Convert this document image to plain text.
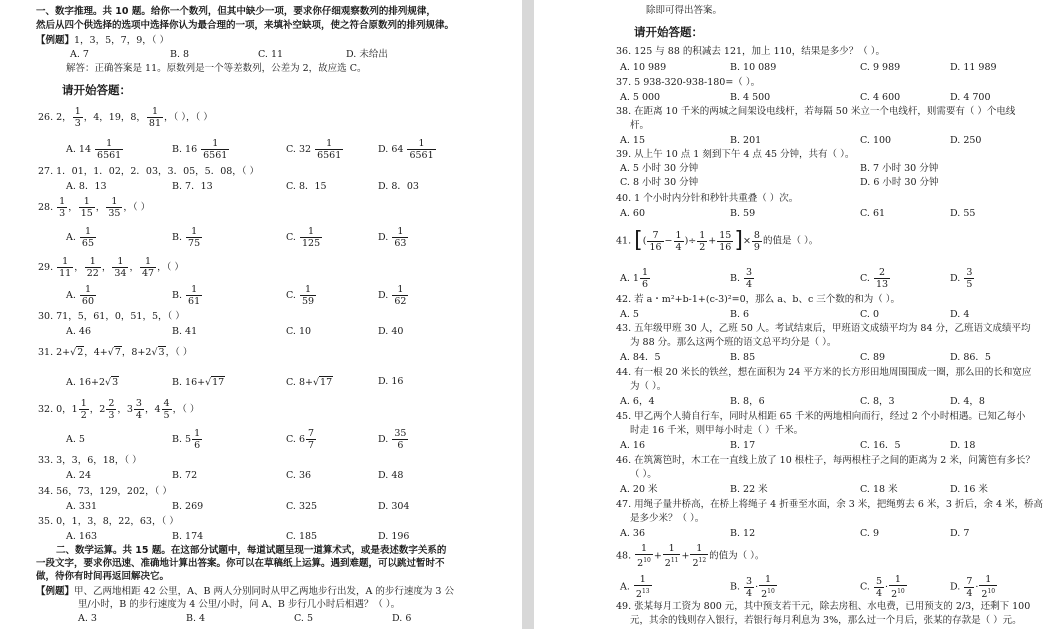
一、数字推理。共 10 题。给你一个数列，但其中缺少一项，要求你仔细观察数列的排列规律，
然后从四个供选择的选项中选择你认为最合理的一项，来填补空缺项，使之符合原数列的排列规律。
【例题】1，3，5，7，9，（ ）
A. 7	B. 8	C. 11	D. 未给出
解答：正确答案是 11。原数列是一个等差数列，公差为 2，故应选 C。
请开始答题：
26. 2， $\frac{1}{3}$ ，4，19，8， $\frac{1}{81}$ ，（ ），（ ）
A. $14 \frac{1}{6561}$	B. $16 \frac{1}{6561}$	C. $32 \frac{1}{6561}$	D. $64 \frac{1}{6561}$
27. 1．01，1．02，2．03，3．05，5．08，（ ）
A. 8．13	B. 7．13	C. 8．15	D. 8．03
28. $\frac{1}{3}$ ， $\frac{1}{15}$ ， $\frac{1}{35}$ ，（ ）
A. $\frac{1}{65}$	B. $\frac{1}{75}$	C. $\frac{1}{125}$	D. $\frac{1}{63}$
29. $\frac{1}{11}$ ， $\frac{1}{22}$ ， $\frac{1}{34}$ ， $\frac{1}{47}$ ，（ ）
A. $\frac{1}{60}$	B. $\frac{1}{61}$	C. $\frac{1}{59}$	D. $\frac{1}{62}$
30. 71，5，61，0，51，5，（ ）
A. 46	B. 41	C. 10	D. 40
31. 2+√2，4+√7，8+2√3，（ ）
A. 16+2√3	B. 16+√17	C. 8+√17	D. 16
32. 0，$1 \frac{1}{2}$ ，$2 \frac{2}{3}$ ，$3 \frac{3}{4}$ ，$4 \frac{4}{5}$ ，（ ）
A. 5	B. $5 \frac{1}{6}$	C. $6 \frac{7}{7}$	D. $\frac{35}{6}$
33. 3，3，6，18，（ ）
A. 24	B. 72	C. 36	D. 48
34. 56，73，129，202，（ ）
A. 331	B. 269	C. 325	D. 304
35. 0，1，3，8，22，63，（ ）
A. 163	B. 174	C. 185	D. 196
二、数学运算。共 15 题。在这部分试题中，每道试题呈现一道算术式，或是表述数字关系的
一段文字，要求你迅速、准确地计算出答案。你可以在草稿纸上运算。遇到难题，可以跳过暂时不
做，待你有时间再返回解决它。
【例题】甲、乙两地相距 42 公里，A、B 两人分别同时从甲乙两地步行出发，A 的步行速度为 3 公
里/小时，B 的步行速度为 4 公里/小时，问 A、B 步行几小时后相遇？（ ）。
A. 3	B. 4	C. 5	D. 6
除即可得出答案。
请开始答题：
36. 125 与 88 的积减去 121，加上 110，结果是多少？（ ）。
A. 10 989	B. 10 089	C. 9 989	D. 11 989
37. 5 938-320-938-180=（ ）。
A. 5 000	B. 4 500	C. 4 600	D. 4 700
38. 在距离 10 千米的两城之间架设电线杆，若每隔 50 米立一个电线杆，则需要有（ ）个电线
杆。
A. 15	B. 201	C. 100	D. 250
39. 从上午 10 点 1 刻到下午 4 点 45 分钟，共有（ ）。
A. 5 小时 30 分钟	B. 7 小时 30 分钟
C. 8 小时 30 分钟	D. 6 小时 30 分钟
40. 1 个小时内分针和秒针共重叠（ ）次。
A. 60	B. 59	C. 61	D. 55
41. [( $\frac{7}{16} - \frac{1}{4}$ )÷ $\frac{1}{2} + \frac{15}{16}$ ]× $\frac{8}{9}$ 的值是（ ）。
A. $1 \frac{1}{6}$	B. $\frac{3}{4}$	C. $\frac{2}{13}$	D. $\frac{3}{5}$
42. 若 a・m²+b-1+(c-3)²=0，那么 a、b、c 三个数的和为（ ）。
A. 5	B. 6	C. 0	D. 4
43. 五年级甲班 30 人，乙班 50 人。考试结束后，甲班语文成绩平均为 84 分，乙班语文成绩平均
为 88 分。那么这两个班的语文总平均分是（ ）。
A. 84．5	B. 85	C. 89	D. 86．5
44. 有一根 20 米长的铁丝，想在面积为 24 平方米的长方形田地周围围成一圈，那么田的长和宽应
为（ ）。
A. 6，4	B. 8，6	C. 8，3	D. 4，8
45. 甲乙两个人骑自行车，同时从相距 65 千米的两地相向而行，经过 2 个小时相遇。已知乙每小
时走 16 千米，则甲每小时走（ ）千米。
A. 16	B. 17	C. 16．5	D. 18
46. 在筑篱笆时，木工在一直线上放了 10 根柱子，每两根柱子之间的距离为 2 米，问篱笆有多长？
（ ）。
A. 20 米	B. 22 米	C. 18 米	D. 16 米
47. 用绳子量井桥高，在桥上将绳子 4 折垂至水面，余 3 米，把绳剪去 6 米，3 折后，余 4 米，桥高
是多少米？（ ）。
A. 36	B. 12	C. 9	D. 7
48. $\frac{1}{2^{10}} + \frac{1}{2^{11}} + \frac{1}{2^{12}}$ 的值为（ ）。
A. $\frac{1}{2^{13}}$	B. $\frac{3}{4} \cdot \frac{1}{2^{10}}$	C. $\frac{5}{4} \cdot \frac{1}{2^{10}}$	D. $\frac{7}{4} \cdot \frac{1}{2^{10}}$
49. 张某每月工资为 800 元，其中预支若干元，除去房租、水电费，已用预支的 2/3，还剩下 100
元，其余的钱则存入银行，若银行每月利息为 3%，那么过一个月后，张某的存款是（ ）元。
